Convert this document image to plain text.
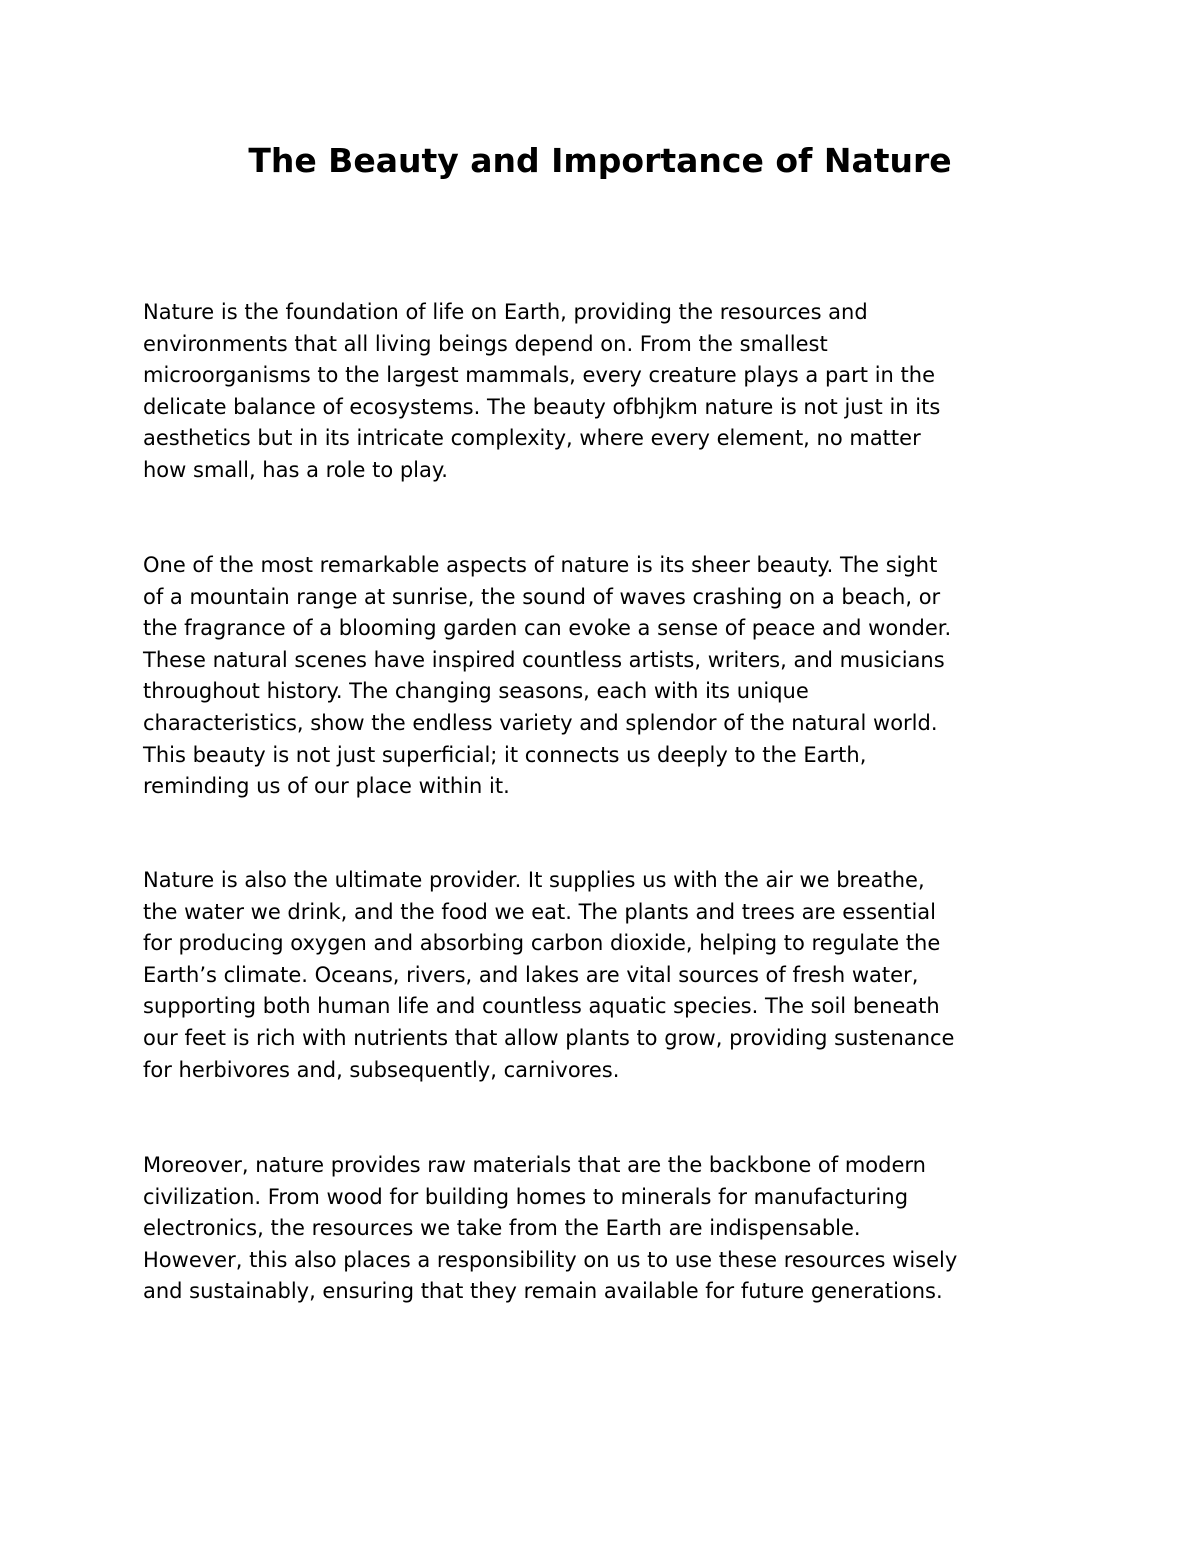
The Beauty and Importance of Nature

Nature is the foundation of life on Earth, providing the resources and
environments that all living beings depend on. From the smallest
microorganisms to the largest mammals, every creature plays a part in the
delicate balance of ecosystems. The beauty ofbhjkm nature is not just in its
aesthetics but in its intricate complexity, where every element, no matter
how small, has a role to play.

One of the most remarkable aspects of nature is its sheer beauty. The sight
of a mountain range at sunrise, the sound of waves crashing on a beach, or
the fragrance of a blooming garden can evoke a sense of peace and wonder.
These natural scenes have inspired countless artists, writers, and musicians
throughout history. The changing seasons, each with its unique
characteristics, show the endless variety and splendor of the natural world.
This beauty is not just superficial; it connects us deeply to the Earth,
reminding us of our place within it.

Nature is also the ultimate provider. It supplies us with the air we breathe,
the water we drink, and the food we eat. The plants and trees are essential
for producing oxygen and absorbing carbon dioxide, helping to regulate the
Earth’s climate. Oceans, rivers, and lakes are vital sources of fresh water,
supporting both human life and countless aquatic species. The soil beneath
our feet is rich with nutrients that allow plants to grow, providing sustenance
for herbivores and, subsequently, carnivores.

Moreover, nature provides raw materials that are the backbone of modern
civilization. From wood for building homes to minerals for manufacturing
electronics, the resources we take from the Earth are indispensable.
However, this also places a responsibility on us to use these resources wisely
and sustainably, ensuring that they remain available for future generations.
